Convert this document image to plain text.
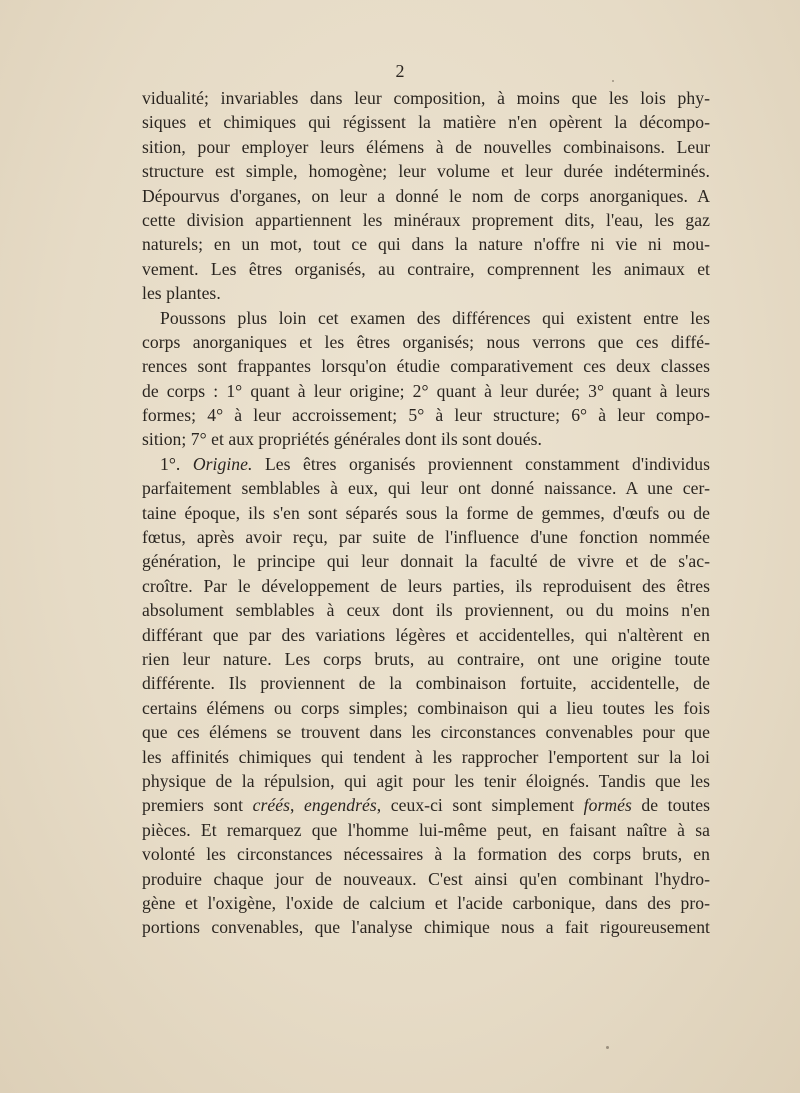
2
vidualité; invariables dans leur composition, à moins que les lois phy-
siques et chimiques qui régissent la matière n'en opèrent la décompo-
sition, pour employer leurs élémens à de nouvelles combinaisons. Leur
structure est simple, homogène; leur volume et leur durée indéterminés.
Dépourvus d'organes, on leur a donné le nom de corps anorganiques. A
cette division appartiennent les minéraux proprement dits, l'eau, les gaz
naturels; en un mot, tout ce qui dans la nature n'offre ni vie ni mou-
vement. Les êtres organisés, au contraire, comprennent les animaux et
les plantes.
Poussons plus loin cet examen des différences qui existent entre les
corps anorganiques et les êtres organisés; nous verrons que ces diffé-
rences sont frappantes lorsqu'on étudie comparativement ces deux classes
de corps : 1° quant à leur origine; 2° quant à leur durée; 3° quant à leurs
formes; 4° à leur accroissement; 5° à leur structure; 6° à leur compo-
sition; 7° et aux propriétés générales dont ils sont doués.
1°. Origine. Les êtres organisés proviennent constamment d'individus
parfaitement semblables à eux, qui leur ont donné naissance. A une cer-
taine époque, ils s'en sont séparés sous la forme de gemmes, d'œufs ou de
fœtus, après avoir reçu, par suite de l'influence d'une fonction nommée
génération, le principe qui leur donnait la faculté de vivre et de s'ac-
croître. Par le développement de leurs parties, ils reproduisent des êtres
absolument semblables à ceux dont ils proviennent, ou du moins n'en
différant que par des variations légères et accidentelles, qui n'altèrent en
rien leur nature. Les corps bruts, au contraire, ont une origine toute
différente. Ils proviennent de la combinaison fortuite, accidentelle, de
certains élémens ou corps simples; combinaison qui a lieu toutes les fois
que ces élémens se trouvent dans les circonstances convenables pour que
les affinités chimiques qui tendent à les rapprocher l'emportent sur la loi
physique de la répulsion, qui agit pour les tenir éloignés. Tandis que les
premiers sont créés, engendrés, ceux-ci sont simplement formés de toutes
pièces. Et remarquez que l'homme lui-même peut, en faisant naître à sa
volonté les circonstances nécessaires à la formation des corps bruts, en
produire chaque jour de nouveaux. C'est ainsi qu'en combinant l'hydro-
gène et l'oxigène, l'oxide de calcium et l'acide carbonique, dans des pro-
portions convenables, que l'analyse chimique nous a fait rigoureusement
